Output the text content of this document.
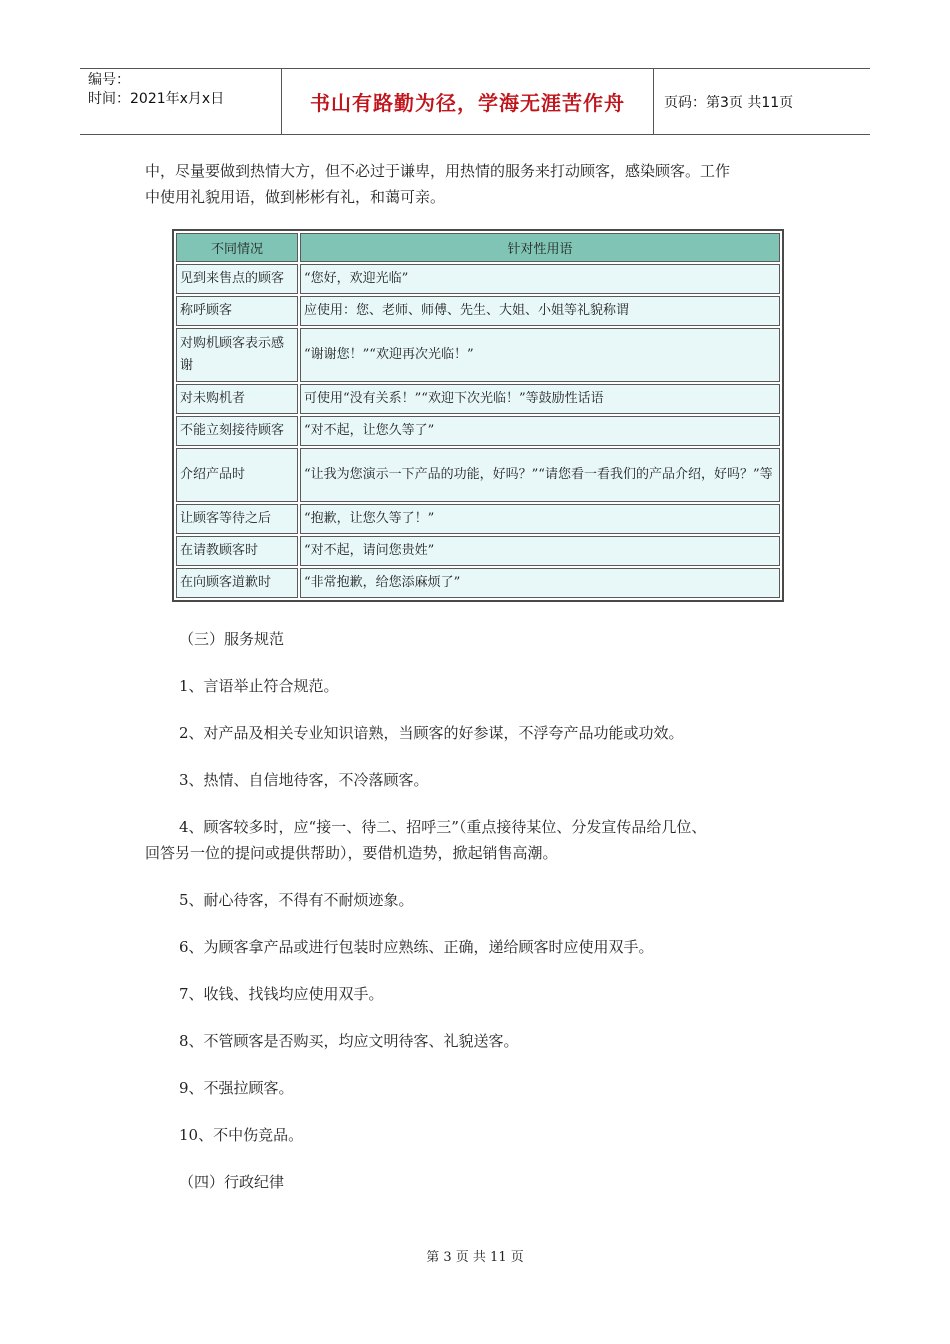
编号：
时间：2021年x月x日	书山有路勤为径，学海无涯苦作舟	页码：第3页 共11页

中，尽量要做到热情大方，但不必过于谦卑，用热情的服务来打动顾客，感染顾客。工作

中使用礼貌用语，做到彬彬有礼，和蔼可亲。

不同情况	针对性用语
见到来售点的顾客	“您好，欢迎光临”
称呼顾客	应使用：您、老师、师傅、先生、大姐、小姐等礼貌称谓
对购机顾客表示感谢	“谢谢您！”“欢迎再次光临！”
对未购机者	可使用“没有关系！”“欢迎下次光临！”等鼓励性话语
不能立刻接待顾客	“对不起，让您久等了”
介绍产品时	“让我为您演示一下产品的功能，好吗？”“请您看一看我们的产品介绍，好吗？”等
让顾客等待之后	“抱歉，让您久等了！”
在请教顾客时	“对不起，请问您贵姓”
在向顾客道歉时	“非常抱歉，给您添麻烦了”

（三）服务规范

1、言语举止符合规范。

2、对产品及相关专业知识谙熟，当顾客的好参谋，不浮夸产品功能或功效。

3、热情、自信地待客，不冷落顾客。

4、顾客较多时，应“接一、待二、招呼三”（重点接待某位、分发宣传品给几位、

回答另一位的提问或提供帮助），要借机造势，掀起销售高潮。

5、耐心待客，不得有不耐烦迹象。

6、为顾客拿产品或进行包装时应熟练、正确，递给顾客时应使用双手。

7、收钱、找钱均应使用双手。

8、不管顾客是否购买，均应文明待客、礼貌送客。

9、不强拉顾客。

10、不中伤竞品。

（四）行政纪律

第 3 页 共 11 页
